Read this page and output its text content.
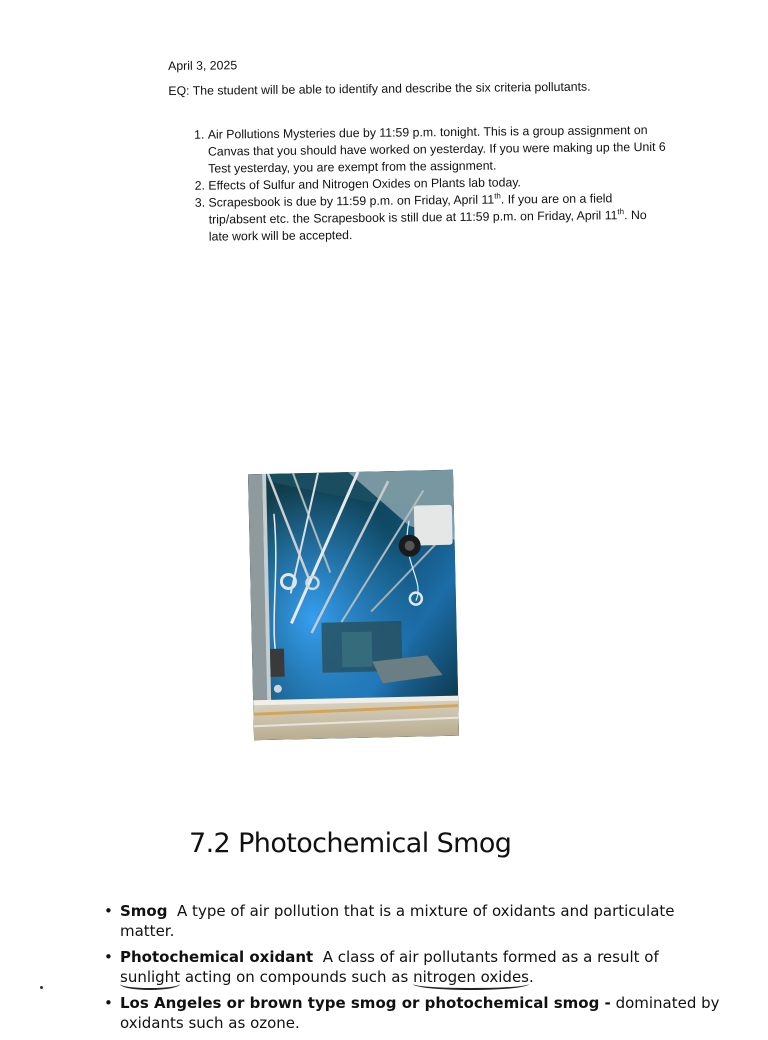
April 3, 2025

EQ: The student will be able to identify and describe the six criteria pollutants.

1. Air Pollutions Mysteries due by 11:59 p.m. tonight. This is a group assignment on Canvas that you should have worked on yesterday. If you were making up the Unit 6 Test yesterday, you are exempt from the assignment.
2. Effects of Sulfur and Nitrogen Oxides on Plants lab today.
3. Scrapesbook is due by 11:59 p.m. on Friday, April 11th. If you are on a field trip/absent etc. the Scrapesbook is still due at 11:59 p.m. on Friday, April 11th. No late work will be accepted.
7.2 Photochemical Smog
• Smog A type of air pollution that is a mixture of oxidants and particulate matter.
• Photochemical oxidant A class of air pollutants formed as a result of sunlight acting on compounds such as nitrogen oxides.
• Los Angeles or brown type smog or photochemical smog - dominated by oxidants such as ozone.
